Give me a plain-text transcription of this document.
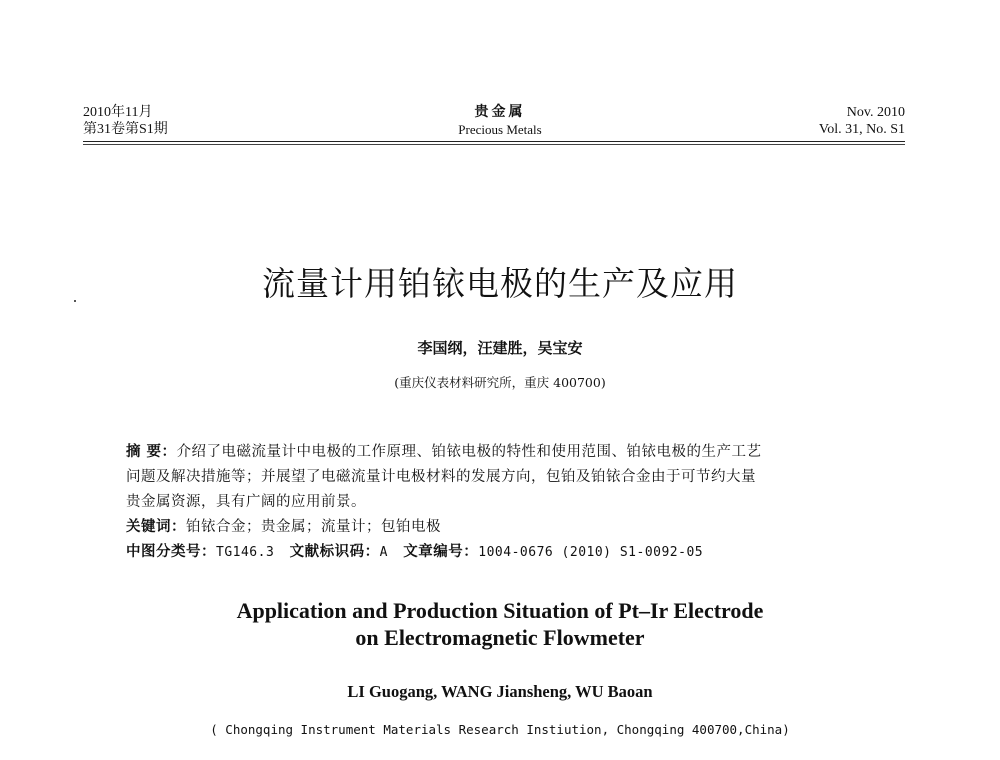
2010年11月
第31卷第S1期
贵金属
Precious Metals
Nov. 2010
Vol. 31, No. S1
流量计用铂铱电极的生产及应用
李国纲，汪建胜，吴宝安
(重庆仪表材料研究所，重庆 400700)

摘 要：介绍了电磁流量计中电极的工作原理、铂铱电极的特性和使用范围、铂铱电极的生产工艺

问题及解决措施等；并展望了电磁流量计电极材料的发展方向，包铂及铂铱合金由于可节约大量

贵金属资源，具有广阔的应用前景。

关键词：铂铱合金；贵金属；流量计；包铂电极

中图分类号：TG146.3 文献标识码：A 文章编号：1004-0676 (2010) S1-0092-05

Application and Production Situation of Pt–Ir Electrode
on Electromagnetic Flowmeter
LI Guogang, WANG Jiansheng, WU Baoan
( Chongqing Instrument Materials Research Instiution, Chongqing 400700,China)
